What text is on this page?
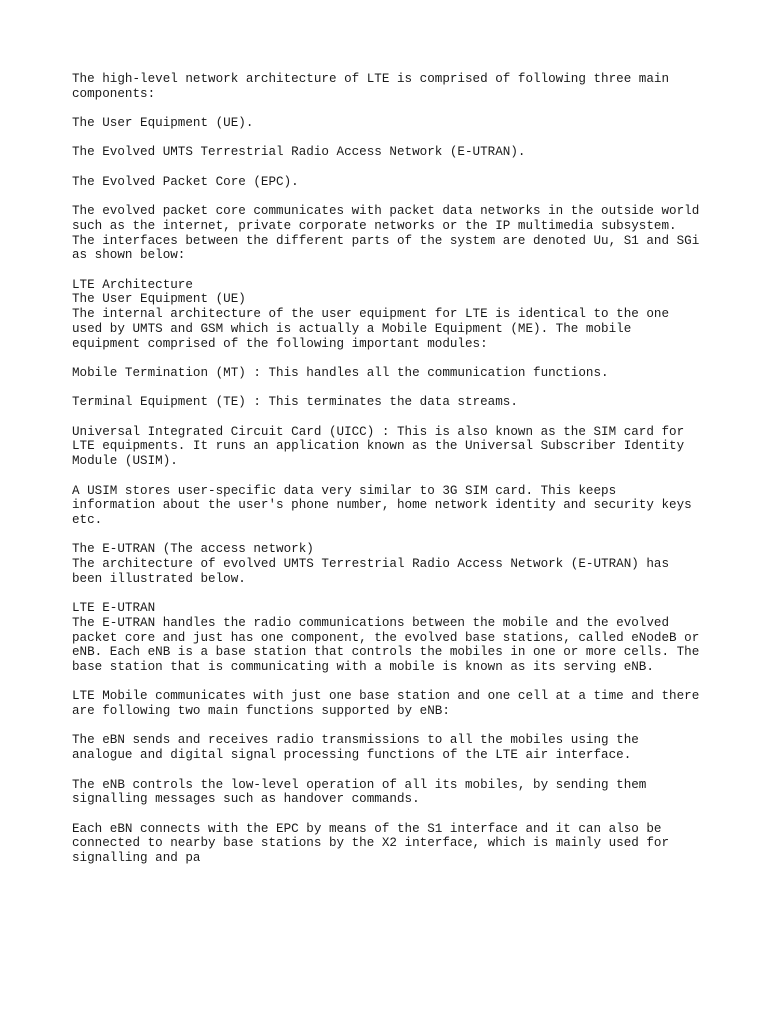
The high-level network architecture of LTE is comprised of following three main
components:
The User Equipment (UE).
The Evolved UMTS Terrestrial Radio Access Network (E-UTRAN).
The Evolved Packet Core (EPC).
The evolved packet core communicates with packet data networks in the outside world
such as the internet, private corporate networks or the IP multimedia subsystem.
The interfaces between the different parts of the system are denoted Uu, S1 and SGi
as shown below:
LTE Architecture
The User Equipment (UE)
The internal architecture of the user equipment for LTE is identical to the one
used by UMTS and GSM which is actually a Mobile Equipment (ME). The mobile
equipment comprised of the following important modules:
Mobile Termination (MT) : This handles all the communication functions.
Terminal Equipment (TE) : This terminates the data streams.
Universal Integrated Circuit Card (UICC) : This is also known as the SIM card for
LTE equipments. It runs an application known as the Universal Subscriber Identity
Module (USIM).
A USIM stores user-specific data very similar to 3G SIM card. This keeps
information about the user's phone number, home network identity and security keys
etc.
The E-UTRAN (The access network)
The architecture of evolved UMTS Terrestrial Radio Access Network (E-UTRAN) has
been illustrated below.
LTE E-UTRAN
The E-UTRAN handles the radio communications between the mobile and the evolved
packet core and just has one component, the evolved base stations, called eNodeB or
eNB. Each eNB is a base station that controls the mobiles in one or more cells. The
base station that is communicating with a mobile is known as its serving eNB.
LTE Mobile communicates with just one base station and one cell at a time and there
are following two main functions supported by eNB:
The eBN sends and receives radio transmissions to all the mobiles using the
analogue and digital signal processing functions of the LTE air interface.
The eNB controls the low-level operation of all its mobiles, by sending them
signalling messages such as handover commands.
Each eBN connects with the EPC by means of the S1 interface and it can also be
connected to nearby base stations by the X2 interface, which is mainly used for
signalling and pa
